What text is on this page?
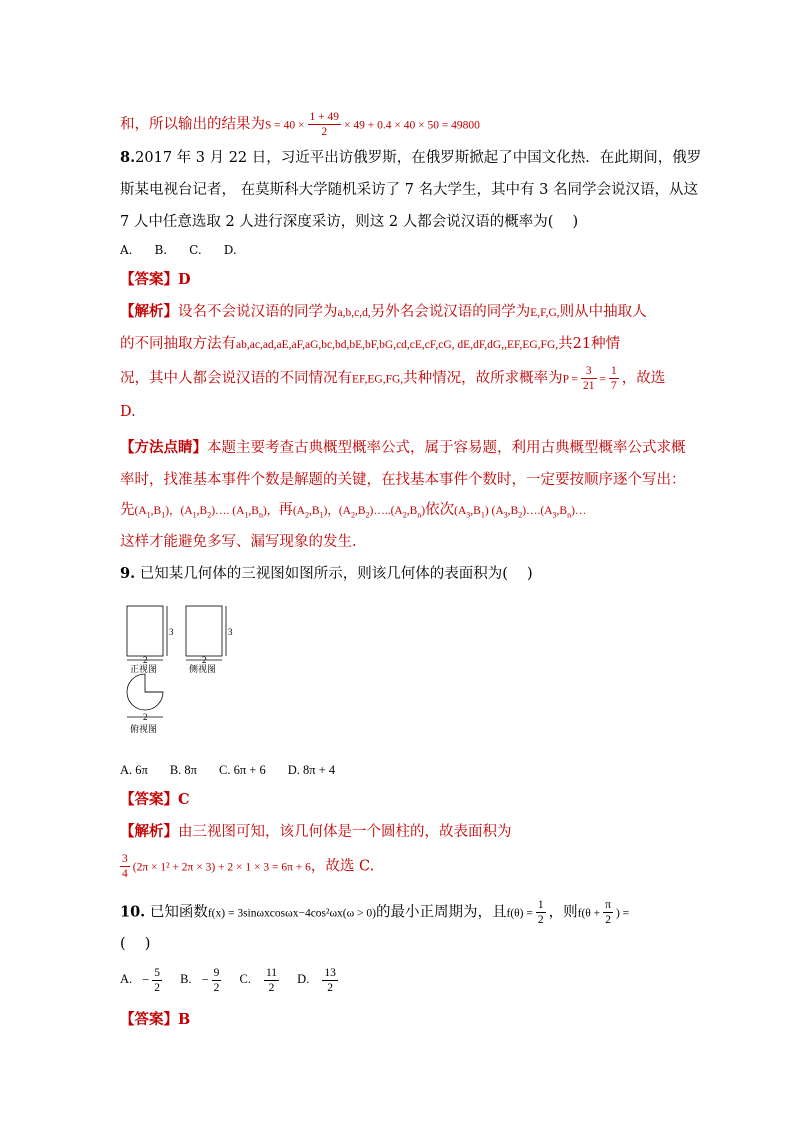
和，所以输出的结果为$S = 40 \times \frac{1 + 49}{2} \times 49 + 0.4 \times 40 \times 50 = 49800$
8.2017 年 3 月 22 日，习近平出访俄罗斯，在俄罗斯掀起了中国文化热．在此期间，俄罗
斯某电视台记者， 在莫斯科大学随机采访了 7 名大学生，其中有 3 名同学会说汉语，从这
7 人中任意选取 2 人进行深度采访，则这 2 人都会说汉语的概率为(　 )
A. B. C. D.
【答案】D
【解析】设名不会说汉语的同学为a,b,c,d,另外名会说汉语的同学为E,F,G,则从中抽取人
的不同抽取方法有ab,ac,ad,aE,aF,aG,bc,bd,bE,bF,bG,cd,cE,cF,cG, dE,dF,dG,,EF,EG,FG,共21种情
况，其中人都会说汉语的不同情况有EF,EG,FG,共种情况，故所求概率为$P = \frac{3}{21} = \frac{1}{7}$ ，故选
D.
【方法点睛】本题主要考查古典概型概率公式，属于容易题，利用古典概型概率公式求概
率时，找准基本事件个数是解题的关键，在找基本事件个数时，一定要按顺序逐个写出：
先$(A_1,B_1)$，$(A_1,B_2)\dots$. $(A_1,B_n)$，再$(A_2,B_1)$，$(A_2,B_2)\dots..(A_2,B_n)$依次$(A_3,B_1)$ $(A_3,B_2)\dots.(A_3,B_n)\dots$
这样才能避免多写、漏写现象的发生.
9. 已知某几何体的三视图如图所示，则该几何体的表面积为(　 )
3	3
2	2
2
正视图	侧视图
俯视图
A. 6π B. 8π C. 6π + 6 D. 8π + 4
【答案】C
【解析】由三视图可知，该几何体是一个圆柱的，故表面积为
$\frac{3}{4} (2\pi \times 1^2 + 2\pi \times 3) + 2 \times 1 \times 3 = 6\pi + 6$，故选 C.
10. 已知函数f(x) = 3sinωxcosωx−4cos²ωx(ω > 0)的最小正周期为，且$f(\theta) = \frac{1}{2}$ ，则$f(\theta + \frac{\pi}{2}$ ) =
(　 )
A. − $\frac{5}{2} B$. − $\frac{9}{2} C$. $\frac{11}{2} D$. $\frac{13}{2}$
【答案】B
